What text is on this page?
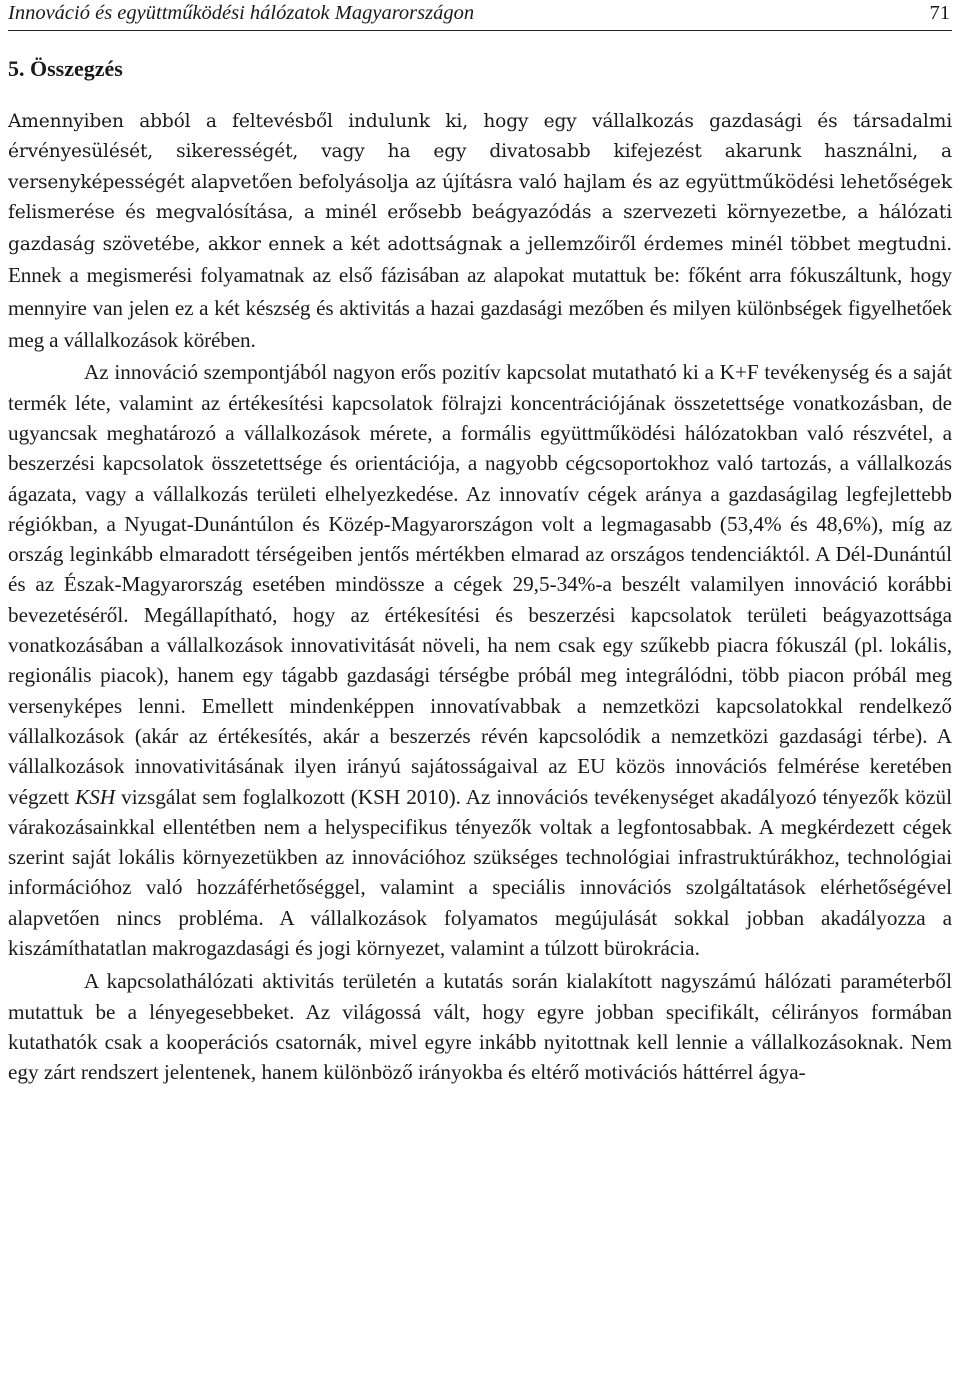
Innováció és együttműködési hálózatok Magyarországon	71
5. Összegzés

Amennyiben abból a feltevésből indulunk ki, hogy egy vállalkozás gazdasági és társadalmi érvényesülését, sikerességét, vagy ha egy divatosabb kifejezést akarunk használni, a versenyképességét alapvetően befolyásolja az újításra való hajlam és az együttműködési lehetőségek felismerése és megvalósítása, a minél erősebb beágyazódás a szervezeti környezetbe, a hálózati gazdaság szövetébe, akkor ennek a két adottságnak a jellemzőiről érdemes minél többet megtudni. Ennek a megismerési folyamatnak az első fázisában az alapokat mutattuk be: főként arra fókuszáltunk, hogy mennyire van jelen ez a két készség és aktivitás a hazai gazdasági mezőben és milyen különbségek figyelhetőek meg a vállalkozások körében.

Az innováció szempontjából nagyon erős pozitív kapcsolat mutatható ki a K+F tevékenység és a saját termék léte, valamint az értékesítési kapcsolatok fölrajzi koncentrációjának összetettsége vonatkozásban, de ugyancsak meghatározó a vállalkozások mérete, a formális együttműködési hálózatokban való részvétel, a beszerzési kapcsolatok összetettsége és orientációja, a nagyobb cégcsoportokhoz való tartozás, a vállalkozás ágazata, vagy a vállalkozás területi elhelyezkedése. Az innovatív cégek aránya a gazdaságilag legfejlettebb régiókban, a Nyugat-Dunántúlon és Közép-Magyarországon volt a legmagasabb (53,4% és 48,6%), míg az ország leginkább elmaradott térségeiben jentős mértékben elmarad az országos tendenciáktól. A Dél-Dunántúl és az Észak-Magyarország esetében mindössze a cégek 29,5-34%-a beszélt valamilyen innováció korábbi bevezetéséről. Megállapítható, hogy az értékesítési és beszerzési kapcsolatok területi beágyazottsága vonatkozásában a vállalkozások innovativitását növeli, ha nem csak egy szűkebb piacra fókuszál (pl. lokális, regionális piacok), hanem egy tágabb gazdasági térségbe próbál meg integrálódni, több piacon próbál meg versenyképes lenni. Emellett mindenképpen innovatívabbak a nemzetközi kapcsolatokkal rendelkező vállalkozások (akár az értékesítés, akár a beszerzés révén kapcsolódik a nemzetközi gazdasági térbe). A vállalkozások innovativitásának ilyen irányú sajátosságaival az EU közös innovációs felmérése keretében végzett KSH vizsgálat sem foglalkozott (KSH 2010). Az innovációs tevékenységet akadályozó tényezők közül várakozásainkkal ellentétben nem a helyspecifikus tényezők voltak a legfontosabbak. A megkérdezett cégek szerint saját lokális környezetükben az innovációhoz szükséges technológiai infrastruktúrákhoz, technológiai információhoz való hozzáférhetőséggel, valamint a speciális innovációs szolgáltatások elérhetőségével alapvetően nincs probléma. A vállalkozások folyamatos megújulását sokkal jobban akadályozza a kiszámíthatatlan makrogazdasági és jogi környezet, valamint a túlzott bürokrácia.

A kapcsolathálózati aktivitás területén a kutatás során kialakított nagyszámú hálózati paraméterből mutattuk be a lényegesebbeket. Az világossá vált, hogy egyre jobban specifikált, célirányos formában kutathatók csak a kooperációs csatornák, mivel egyre inkább nyitottnak kell lennie a vállalkozásoknak. Nem egy zárt rendszert jelentenek, hanem különböző irányokba és eltérő motivációs háttérrel ágya-
